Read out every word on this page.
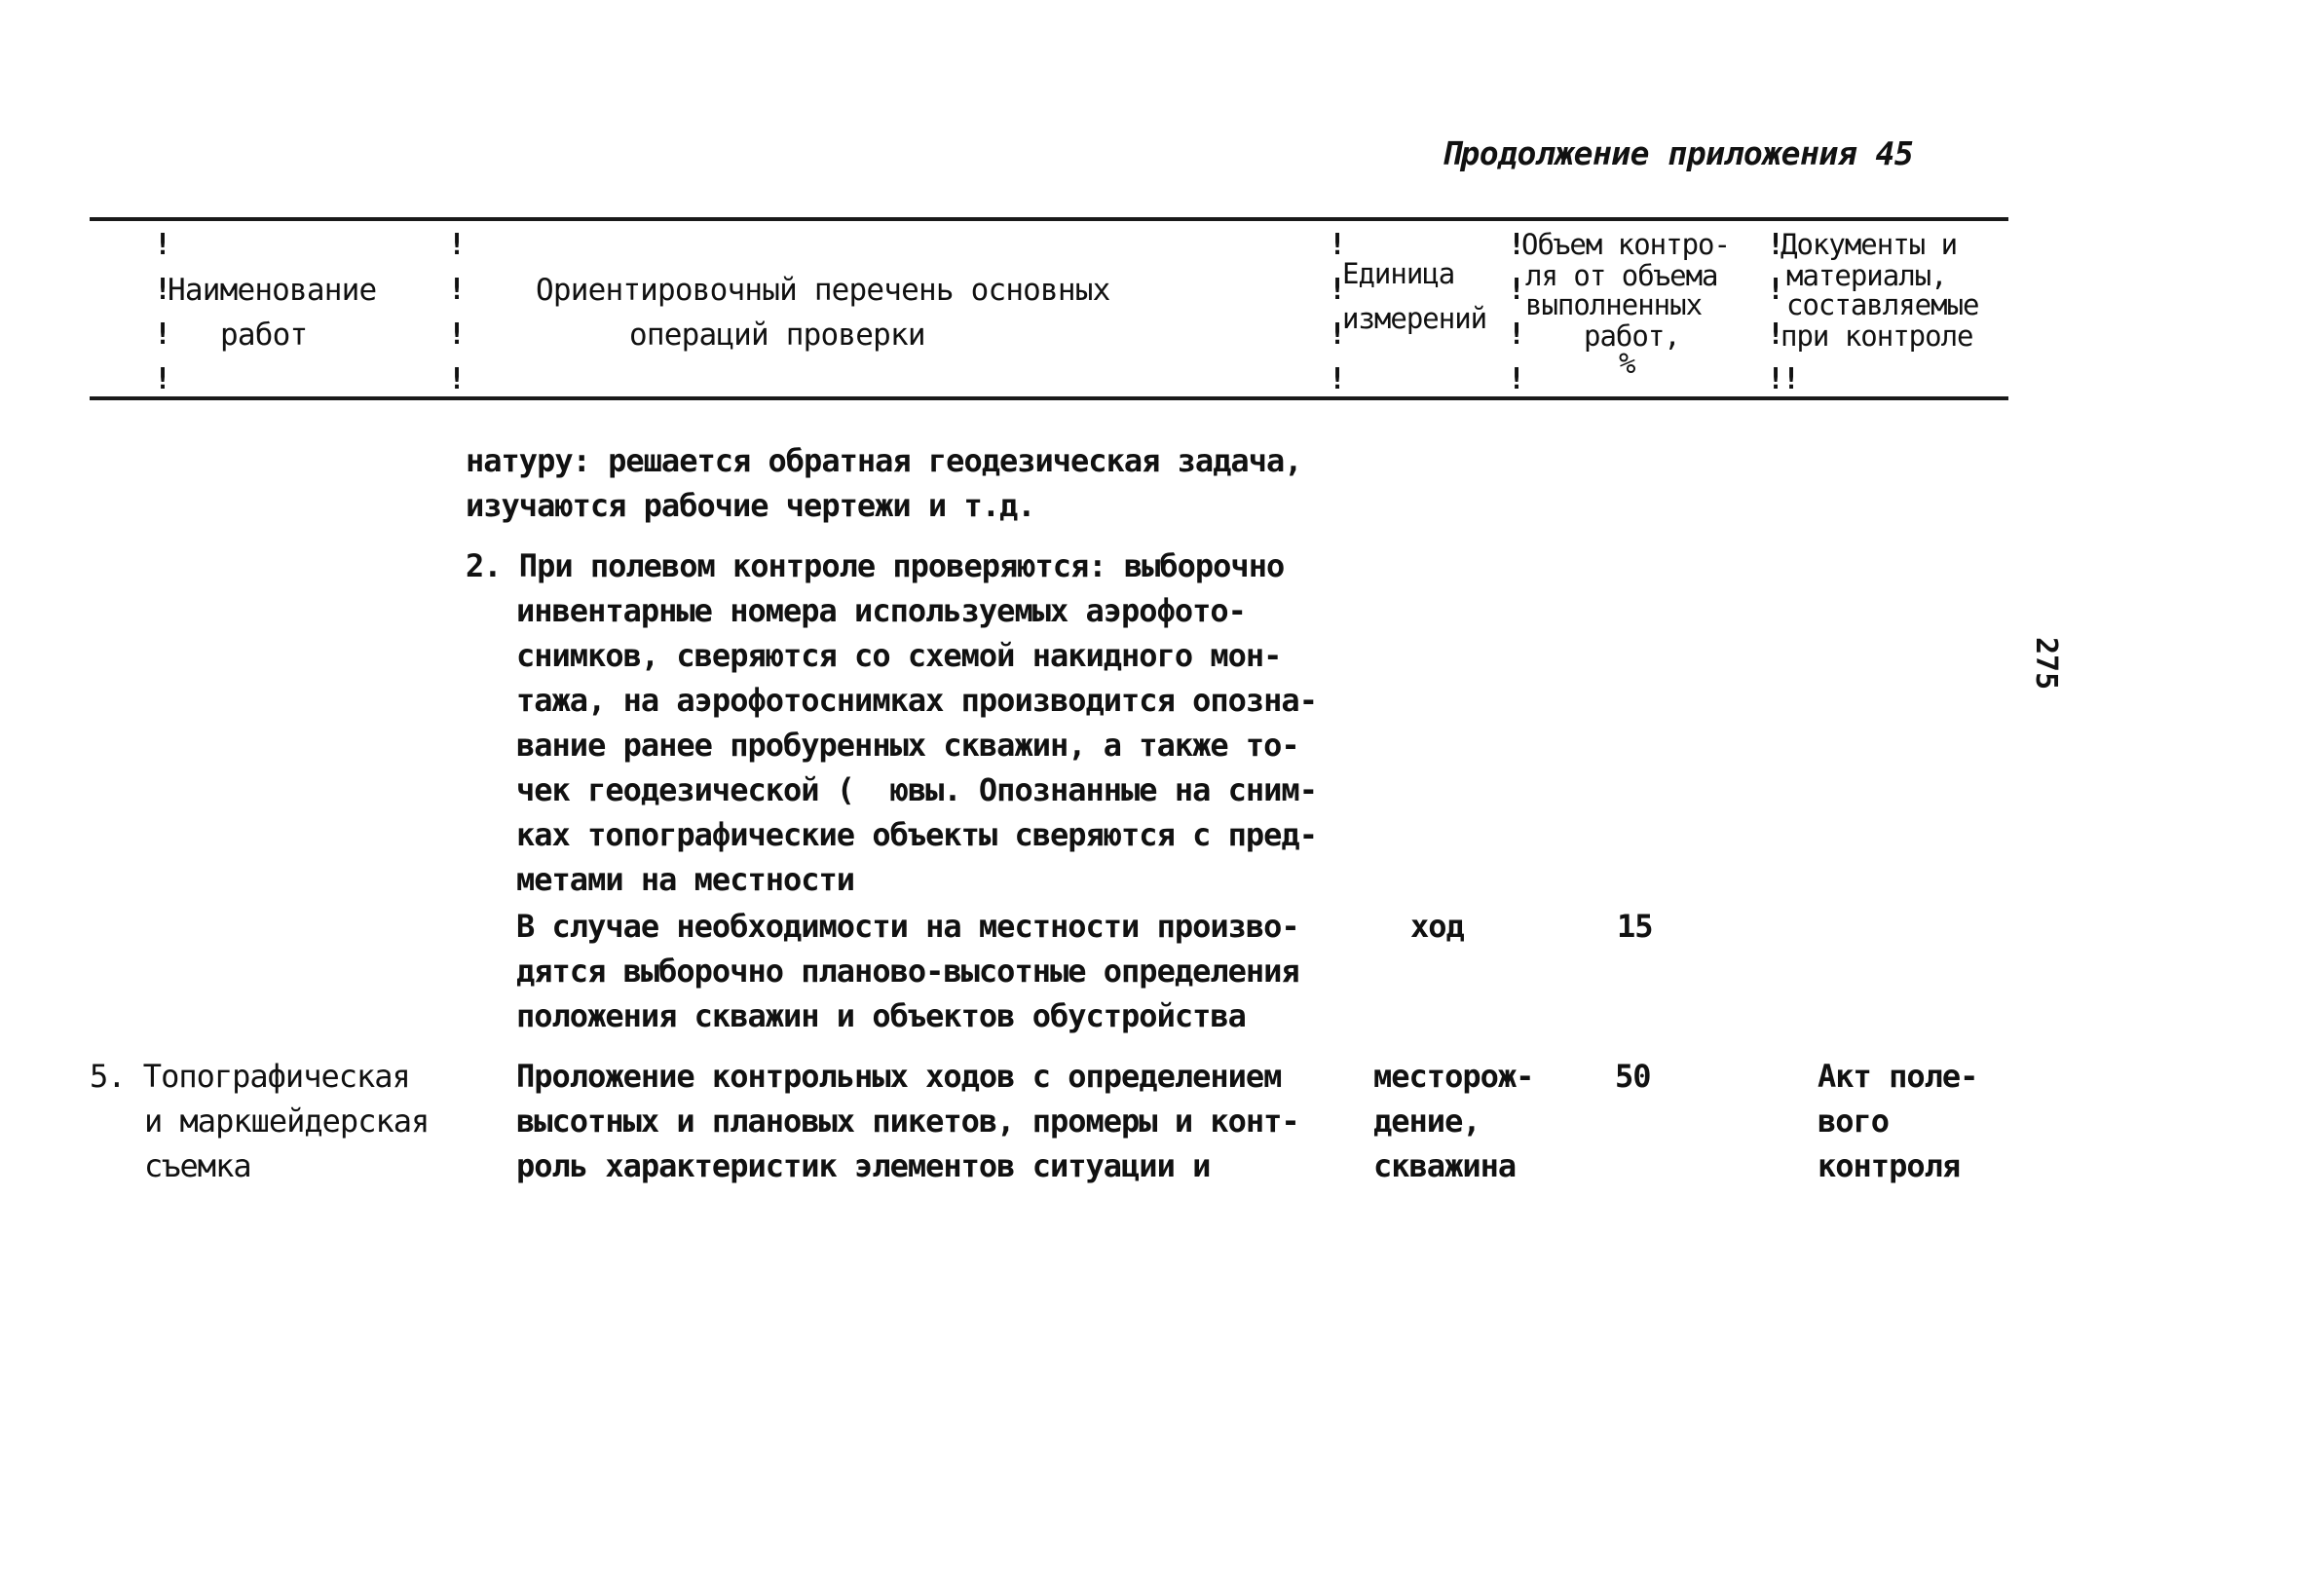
Продолжение приложения 45
275
!
!
!
!
!
!
!
!
!
!
!
!
!
!
!
!
!
!
!
!
!
Наименование
работ
Ориентировочный перечень основных
операций проверки
Единица
измерений
Объем контро-
ля от объема
выполненных
работ,
%
Документы и
материалы,
составляемые
при контроле
натуру: решается обратная геодезическая задача,
изучаются рабочие чертежи и т.д.
2. При полевом контроле проверяются: выборочно
инвентарные номера используемых аэрофото-
снимков, сверяются со схемой накидного мон-
тажа, на аэрофотоснимках производится опозна-
вание ранее пробуренных скважин, а также то-
чек геодезической (  ювы. Опознанные на сним-
ках топографические объекты сверяются с пред-
метами на местности
В случае необходимости на местности произво-
дятся выборочно планово-высотные определения
положения скважин и объектов обустройства
ход	15
5. Топографическая
и маркшейдерская
съемка
Проложение контрольных ходов с определением
высотных и плановых пикетов, промеры и конт-
роль характеристик элементов ситуации и
месторож-
дение,
скважина
50	Акт поле-
вого
контроля
